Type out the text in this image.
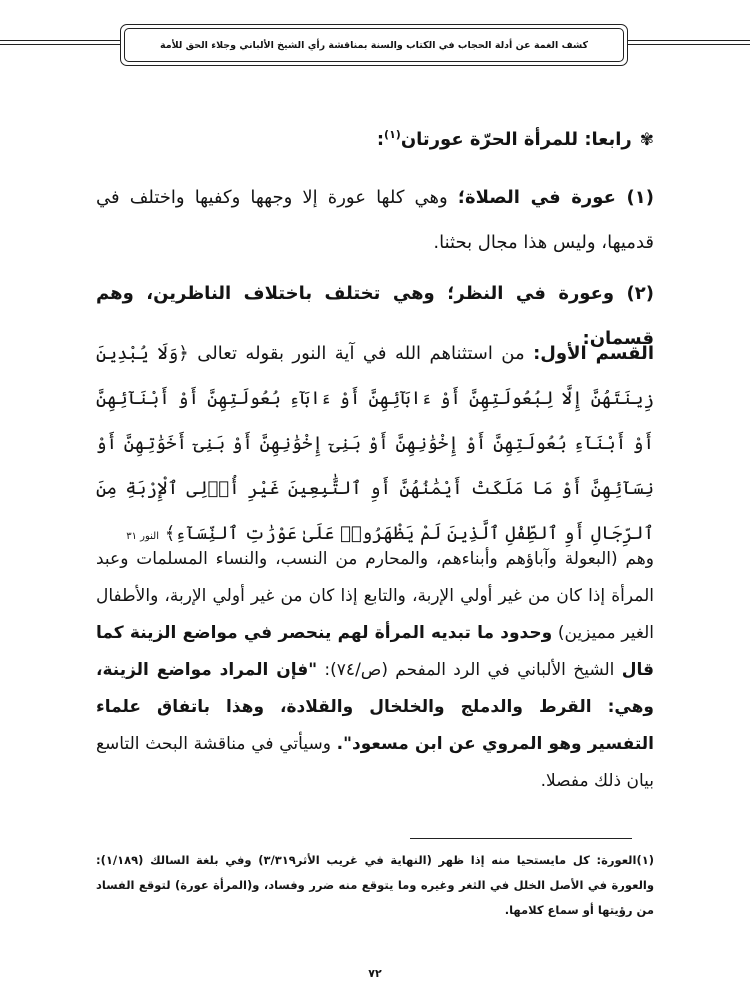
كشف الغمة عن أدلة الحجاب في الكتاب والسنة بمناقشة رأي الشيخ الألباني وجلاء الحق للأمة
✾رابعا: للمرأة الحرّة عورتان$^{(١)}$:
(١) عورة في الصلاة؛ وهي كلها عورة إلا وجهها وكفيها واختلف في قدميها، وليس هذا مجال بحثنا.
(٢) وعورة في النظر؛ وهي تختلف باختلاف الناظرين، وهم قسمان:
القسم الأول: من استثناهم الله في آية النور بقوله تعالى ﴿وَلَا يُبْدِينَ زِينَتَهُنَّ إِلَّا لِبُعُولَتِهِنَّ أَوْ ءَابَآئِهِنَّ أَوْ ءَابَآءِ بُعُولَتِهِنَّ أَوْ أَبْنَآئِهِنَّ أَوْ أَبْنَآءِ بُعُولَتِهِنَّ أَوْ إِخْوَٰنِهِنَّ أَوْ بَنِىٓ إِخْوَٰنِهِنَّ أَوْ بَنِىٓ أَخَوَٰتِهِنَّ أَوْ نِسَآئِهِنَّ أَوْ مَا مَلَكَتْ أَيْمَٰنُهُنَّ أَوِ ٱلتَّٰبِعِينَ غَيْرِ أُو۟لِى ٱلْإِرْبَةِ مِنَ ٱلرِّجَالِ أَوِ ٱلطِّفْلِ ٱلَّذِينَ لَمْ يَظْهَرُوا۟ عَلَىٰ عَوْرَٰتِ ٱلنِّسَآءِ﴾ النور ٣١
وهم (البعولة وآباؤهم وأبناءهم، والمحارم من النسب، والنساء المسلمات وعبد المرأة إذا كان من غير أولي الإربة، والتابع إذا كان من غير أولي الإربة، والأطفال الغير مميزين) وحدود ما تبديه المرأة لهم ينحصر في مواضع الزينة كما قال الشيخ الألباني في الرد المفحم (ص/٧٤): "فإن المراد مواضع الزينة، وهي: القرط والدملج والخلخال والقلادة، وهذا باتفاق علماء التفسير وهو المروي عن ابن مسعود". وسيأتي في مناقشة البحث التاسع بيان ذلك مفصلا.
(١)العورة: كل مايستحيا منه إذا ظهر (النهاية في غريب الأثر٣/٣١٩) وفي بلغة السالك (١/١٨٩): والعورة في الأصل الخلل في الثغر وغيره وما يتوقع منه ضرر وفساد، و(المرأة عورة) لتوقع الفساد من رؤيتها أو سماع كلامها.
٧٢
